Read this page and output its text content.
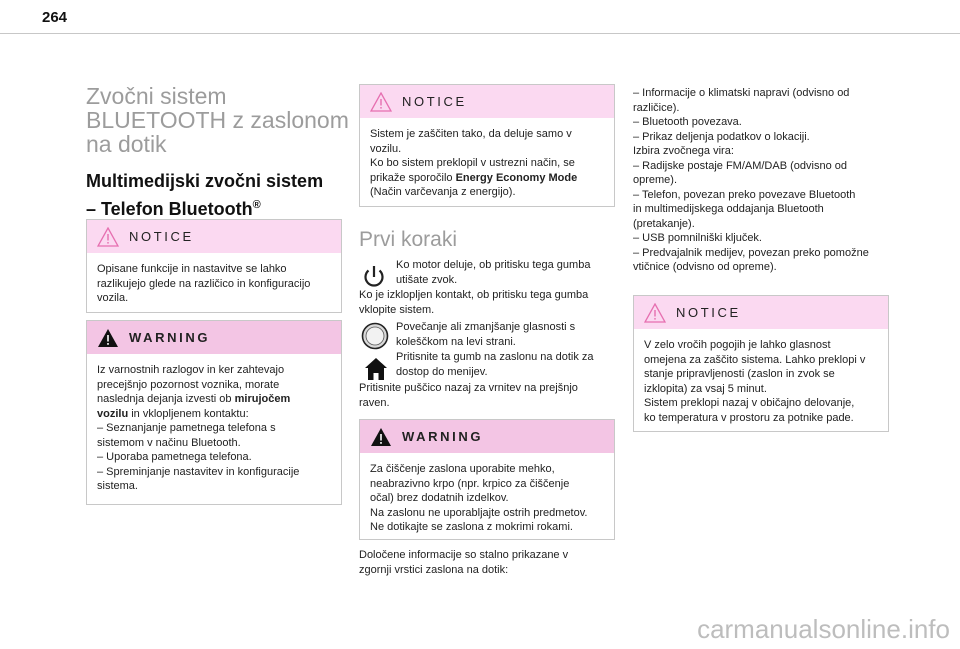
264
Zvočni sistem
BLUETOOTH z zaslonom
na dotik
Multimedijski zvočni sistem
– Telefon Bluetooth®
NOTICE
Opisane funkcije in nastavitve se lahko
razlikujejo glede na različico in konfiguracijo
vozila.
WARNING
Iz varnostnih razlogov in ker zahtevajo
precejšnjo pozornost voznika, morate
naslednja dejanja izvesti ob mirujočem
vozilu in vklopljenem kontaktu:
– Seznanjanje pametnega telefona s
sistemom v načinu Bluetooth.
– Uporaba pametnega telefona.
– Spreminjanje nastavitev in konfiguracije
sistema.
NOTICE
Sistem je zaščiten tako, da deluje samo v
vozilu.
Ko bo sistem preklopil v ustrezni način, se
prikaže sporočilo Energy Economy Mode
(Način varčevanja z energijo).
Prvi koraki
Ko motor deluje, ob pritisku tega gumba
utišate zvok.
Ko je izklopljen kontakt, ob pritisku tega gumba
vklopite sistem.
Povečanje ali zmanjšanje glasnosti s
koleščkom na levi strani.
Pritisnite ta gumb na zaslonu na dotik za
dostop do menijev.
Pritisnite puščico nazaj za vrnitev na prejšnjo
raven.
WARNING
Za čiščenje zaslona uporabite mehko,
neabrazivno krpo (npr. krpico za čiščenje
očal) brez dodatnih izdelkov.
Na zaslonu ne uporabljajte ostrih predmetov.
Ne dotikajte se zaslona z mokrimi rokami.
Določene informacije so stalno prikazane v
zgornji vrstici zaslona na dotik:
– Informacije o klimatski napravi (odvisno od
različice).
– Bluetooth povezava.
– Prikaz deljenja podatkov o lokaciji.
Izbira zvočnega vira:
– Radijske postaje FM/AM/DAB (odvisno od
opreme).
– Telefon, povezan preko povezave Bluetooth
in multimedijskega oddajanja Bluetooth
(pretakanje).
– USB pomnilniški ključek.
– Predvajalnik medijev, povezan preko pomožne
vtičnice (odvisno od opreme).
NOTICE
V zelo vročih pogojih je lahko glasnost
omejena za zaščito sistema. Lahko preklopi v
stanje pripravljenosti (zaslon in zvok se
izklopita) za vsaj 5 minut.
Sistem preklopi nazaj v običajno delovanje,
ko temperatura v prostoru za potnike pade.
carmanualsonline.info
